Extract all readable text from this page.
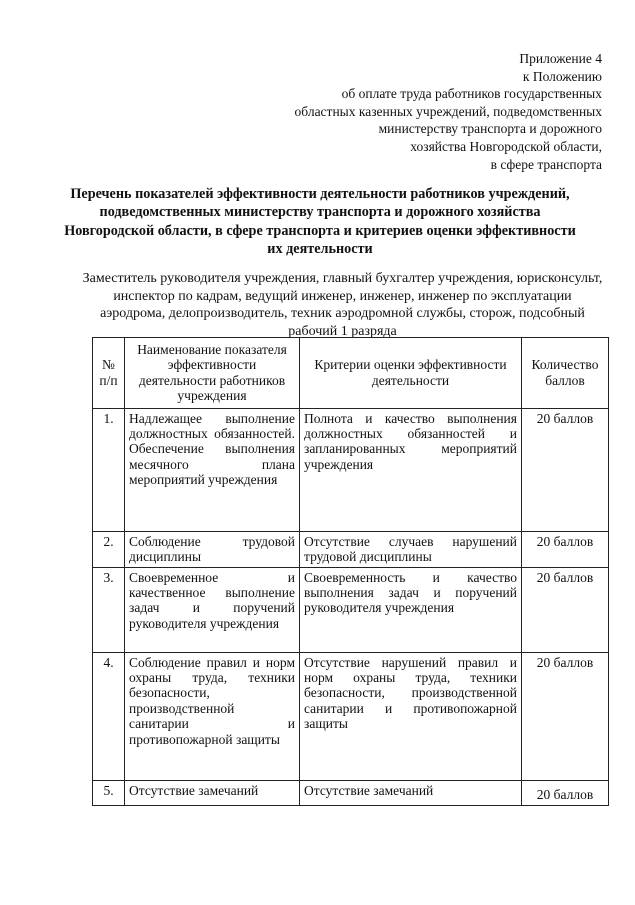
Приложение 4
к Положению
об оплате труда работников государственных
областных казенных учреждений, подведомственных
министерству транспорта и дорожного
хозяйства Новгородской области,
в сфере транспорта
Перечень показателей эффективности деятельности работников учреждений, подведомственных министерству транспорта и дорожного хозяйства Новгородской области, в сфере транспорта и критериев оценки эффективности их деятельности
Заместитель руководителя учреждения, главный бухгалтер учреждения, юрисконсульт, инспектор по кадрам, ведущий инженер, инженер, инженер по эксплуатации аэродрома, делопроизводитель, техник аэродромной службы, сторож, подсобный рабочий 1 разряда
№ п/п	Наименование показателя эффективности деятельности работников учреждения	Критерии оценки эффективности деятельности	Количество баллов
1.	Надлежащее выполнение должностных обязанностей. Обеспечение выполнения месячного плана мероприятий учреждения	Полнота и качество выполнения должностных обязанностей и запланированных мероприятий учреждения	20 баллов
2.	Соблюдение трудовой дисциплины	Отсутствие случаев нарушений трудовой дисциплины	20 баллов
3.	Своевременное и качественное выполнение задач и поручений руководителя учреждения	Своевременность и качество выполнения задач и поручений руководителя учреждения	20 баллов
4.	Соблюдение правил и норм охраны труда, техники безопасности, производственной санитарии и противопожарной защиты	Отсутствие нарушений правил и норм охраны труда, техники безопасности, производственной санитарии и противопожарной защиты	20 баллов
5.	Отсутствие замечаний	Отсутствие замечаний	20 баллов
